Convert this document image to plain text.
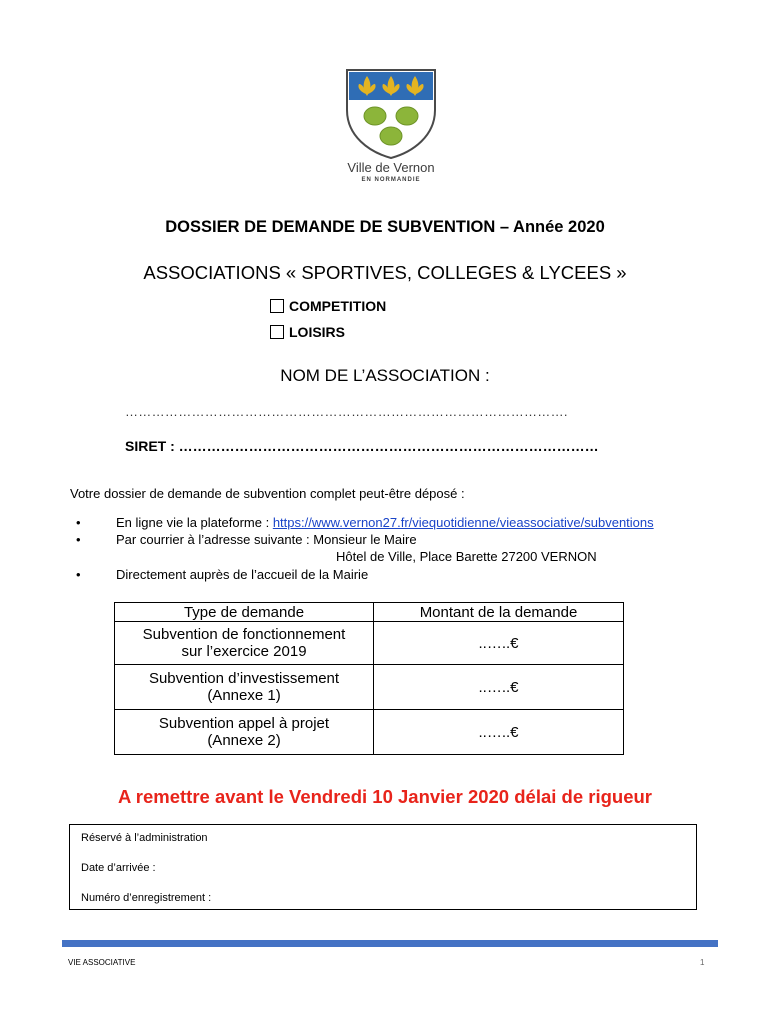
Ville de Vernon
EN NORMANDIE
DOSSIER DE DEMANDE DE SUBVENTION – Année 2020
ASSOCIATIONS « SPORTIVES, COLLEGES & LYCEES »
COMPETITION
LOISIRS
NOM DE L’ASSOCIATION :
……………………………………………………………………………………….
SIRET : ………………………………………………………………………………
Votre dossier de demande de subvention complet peut-être déposé :
•	En ligne vie la plateforme : https://www.vernon27.fr/viequotidienne/vieassociative/subventions
•	Par courrier à l’adresse suivante : Monsieur le Maire
Hôtel de Ville, Place Barette 27200 VERNON
•	Directement auprès de l’accueil de la Mairie
Type de demande	Montant de la demande

Subvention de fonctionnement
sur l’exercice 2019	..…..€

Subvention d’investissement
(Annexe 1)	..…..€

Subvention appel à projet
(Annexe 2)	..…..€
A remettre avant le Vendredi 10 Janvier 2020 délai de rigueur
Réservé à l’administration
Date d’arrivée :
Numéro d’enregistrement :
VIE ASSOCIATIVE	1
